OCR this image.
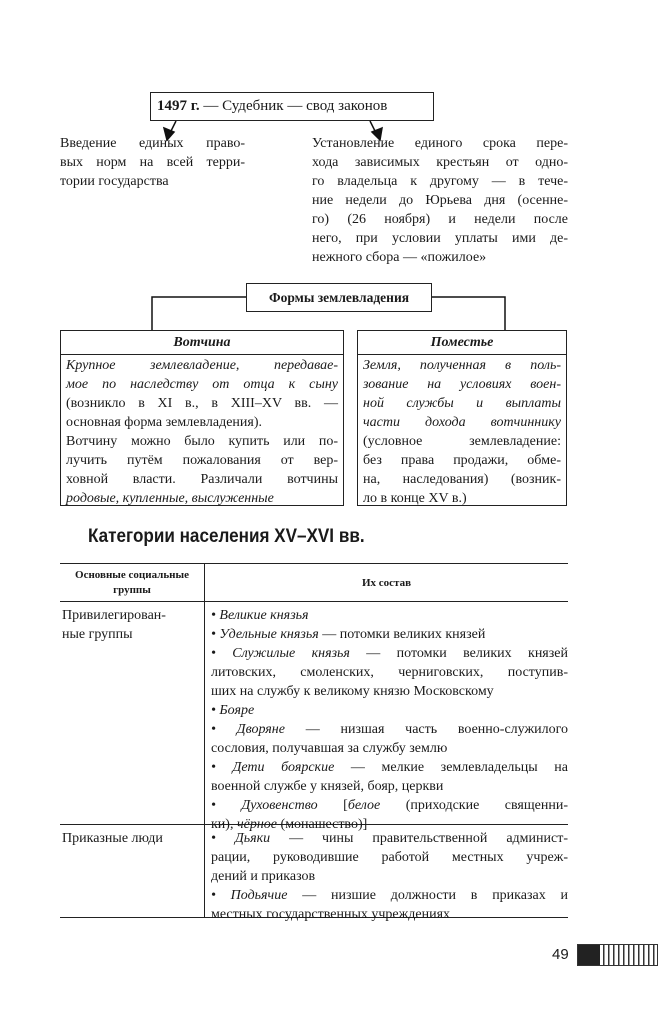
1497 г. — Судебник — свод законов
Введение единых право-
вых норм на всей терри-
тории государства
Установление единого срока пере-
хода зависимых крестьян от одно-
го владельца к другому — в тече-
ние недели до Юрьева дня (осенне-
го) (26 ноября) и недели после
него, при условии уплаты ими де-
нежного сбора — «пожилое»
Формы землевладения
Вотчина
Крупное землевладение, передавае-
мое по наследству от отца к сыну
(возникло в XI в., в XIII–XV вв. —
основная форма землевладения).
Вотчину можно было купить или по-
лучить путём пожалования от вер-
ховной власти. Различали вотчины
родовые, купленные, выслуженные
Поместье
Земля, полученная в поль-
зование на условиях воен-
ной службы и выплаты
части дохода вотчиннику
(условное землевладение:
без права продажи, обме-
на, наследования) (возник-
ло в конце XV в.)
Категории населения XV–XVI вв.
Основные социальные группы
Их состав
Привилегирован-
ные группы
• Великие князья
• Удельные князья — потомки великих князей
• Служилые князья — потомки великих князей
литовских, смоленских, черниговских, поступив-
ших на службу к великому князю Московскому
• Бояре
• Дворяне — низшая часть военно-служилого
сословия, получавшая за службу землю
• Дети боярские — мелкие землевладельцы на
военной службе у князей, бояр, церкви
• Духовенство [белое (приходские священни-
ки), чёрное (монашество)]
Приказные люди	• Дьяки — чины правительственной админист-
рации, руководившие работой местных учреж-
дений и приказов
• Подьячие — низшие должности в приказах и
местных государственных учреждениях
49
